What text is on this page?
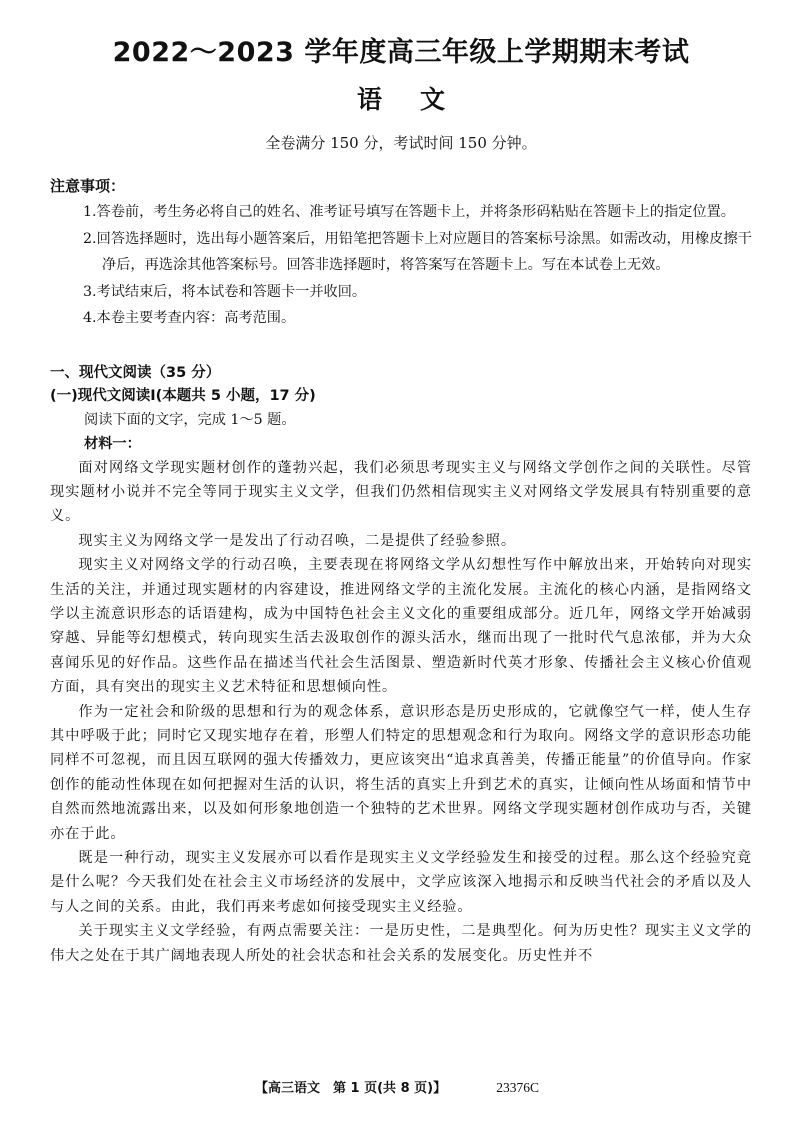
2022～2023 学年度高三年级上学期期末考试
语文

全卷满分 150 分，考试时间 150 分钟。

注意事项：

1.答卷前，考生务必将自己的姓名、准考证号填写在答题卡上，并将条形码粘贴在答题卡上的指定位置。
2.回答选择题时，选出每小题答案后，用铅笔把答题卡上对应题目的答案标号涂黑。如需改动，用橡皮擦干净后，再选涂其他答案标号。回答非选择题时，将答案写在答题卡上。写在本试卷上无效。
3.考试结束后，将本试卷和答题卡一并收回。
4.本卷主要考查内容：高考范围。

一、现代文阅读（35 分）

(一)现代文阅读Ⅰ(本题共 5 小题，17 分)

阅读下面的文字，完成 1～5 题。

材料一：

面对网络文学现实题材创作的蓬勃兴起，我们必须思考现实主义与网络文学创作之间的关联性。尽管现实题材小说并不完全等同于现实主义文学，但我们仍然相信现实主义对网络文学发展具有特别重要的意义。

现实主义为网络文学一是发出了行动召唤，二是提供了经验参照。

现实主义对网络文学的行动召唤，主要表现在将网络文学从幻想性写作中解放出来，开始转向对现实生活的关注，并通过现实题材的内容建设，推进网络文学的主流化发展。主流化的核心内涵，是指网络文学以主流意识形态的话语建构，成为中国特色社会主义文化的重要组成部分。近几年，网络文学开始减弱穿越、异能等幻想模式，转向现实生活去汲取创作的源头活水，继而出现了一批时代气息浓郁，并为大众喜闻乐见的好作品。这些作品在描述当代社会生活图景、塑造新时代英才形象、传播社会主义核心价值观方面，具有突出的现实主义艺术特征和思想倾向性。

作为一定社会和阶级的思想和行为的观念体系，意识形态是历史形成的，它就像空气一样，使人生存其中呼吸于此；同时它又现实地存在着，形塑人们特定的思想观念和行为取向。网络文学的意识形态功能同样不可忽视，而且因互联网的强大传播效力，更应该突出“追求真善美，传播正能量”的价值导向。作家创作的能动性体现在如何把握对生活的认识，将生活的真实上升到艺术的真实，让倾向性从场面和情节中自然而然地流露出来，以及如何形象地创造一个独特的艺术世界。网络文学现实题材创作成功与否，关键亦在于此。

既是一种行动，现实主义发展亦可以看作是现实主义文学经验发生和接受的过程。那么这个经验究竟是什么呢？今天我们处在社会主义市场经济的发展中，文学应该深入地揭示和反映当代社会的矛盾以及人与人之间的关系。由此，我们再来考虑如何接受现实主义经验。

关于现实主义文学经验，有两点需要关注：一是历史性，二是典型化。何为历史性？现实主义文学的伟大之处在于其广阔地表现人所处的社会状态和社会关系的发展变化。历史性并不

【高三语文　第 1 页(共 8 页)】	23376C
